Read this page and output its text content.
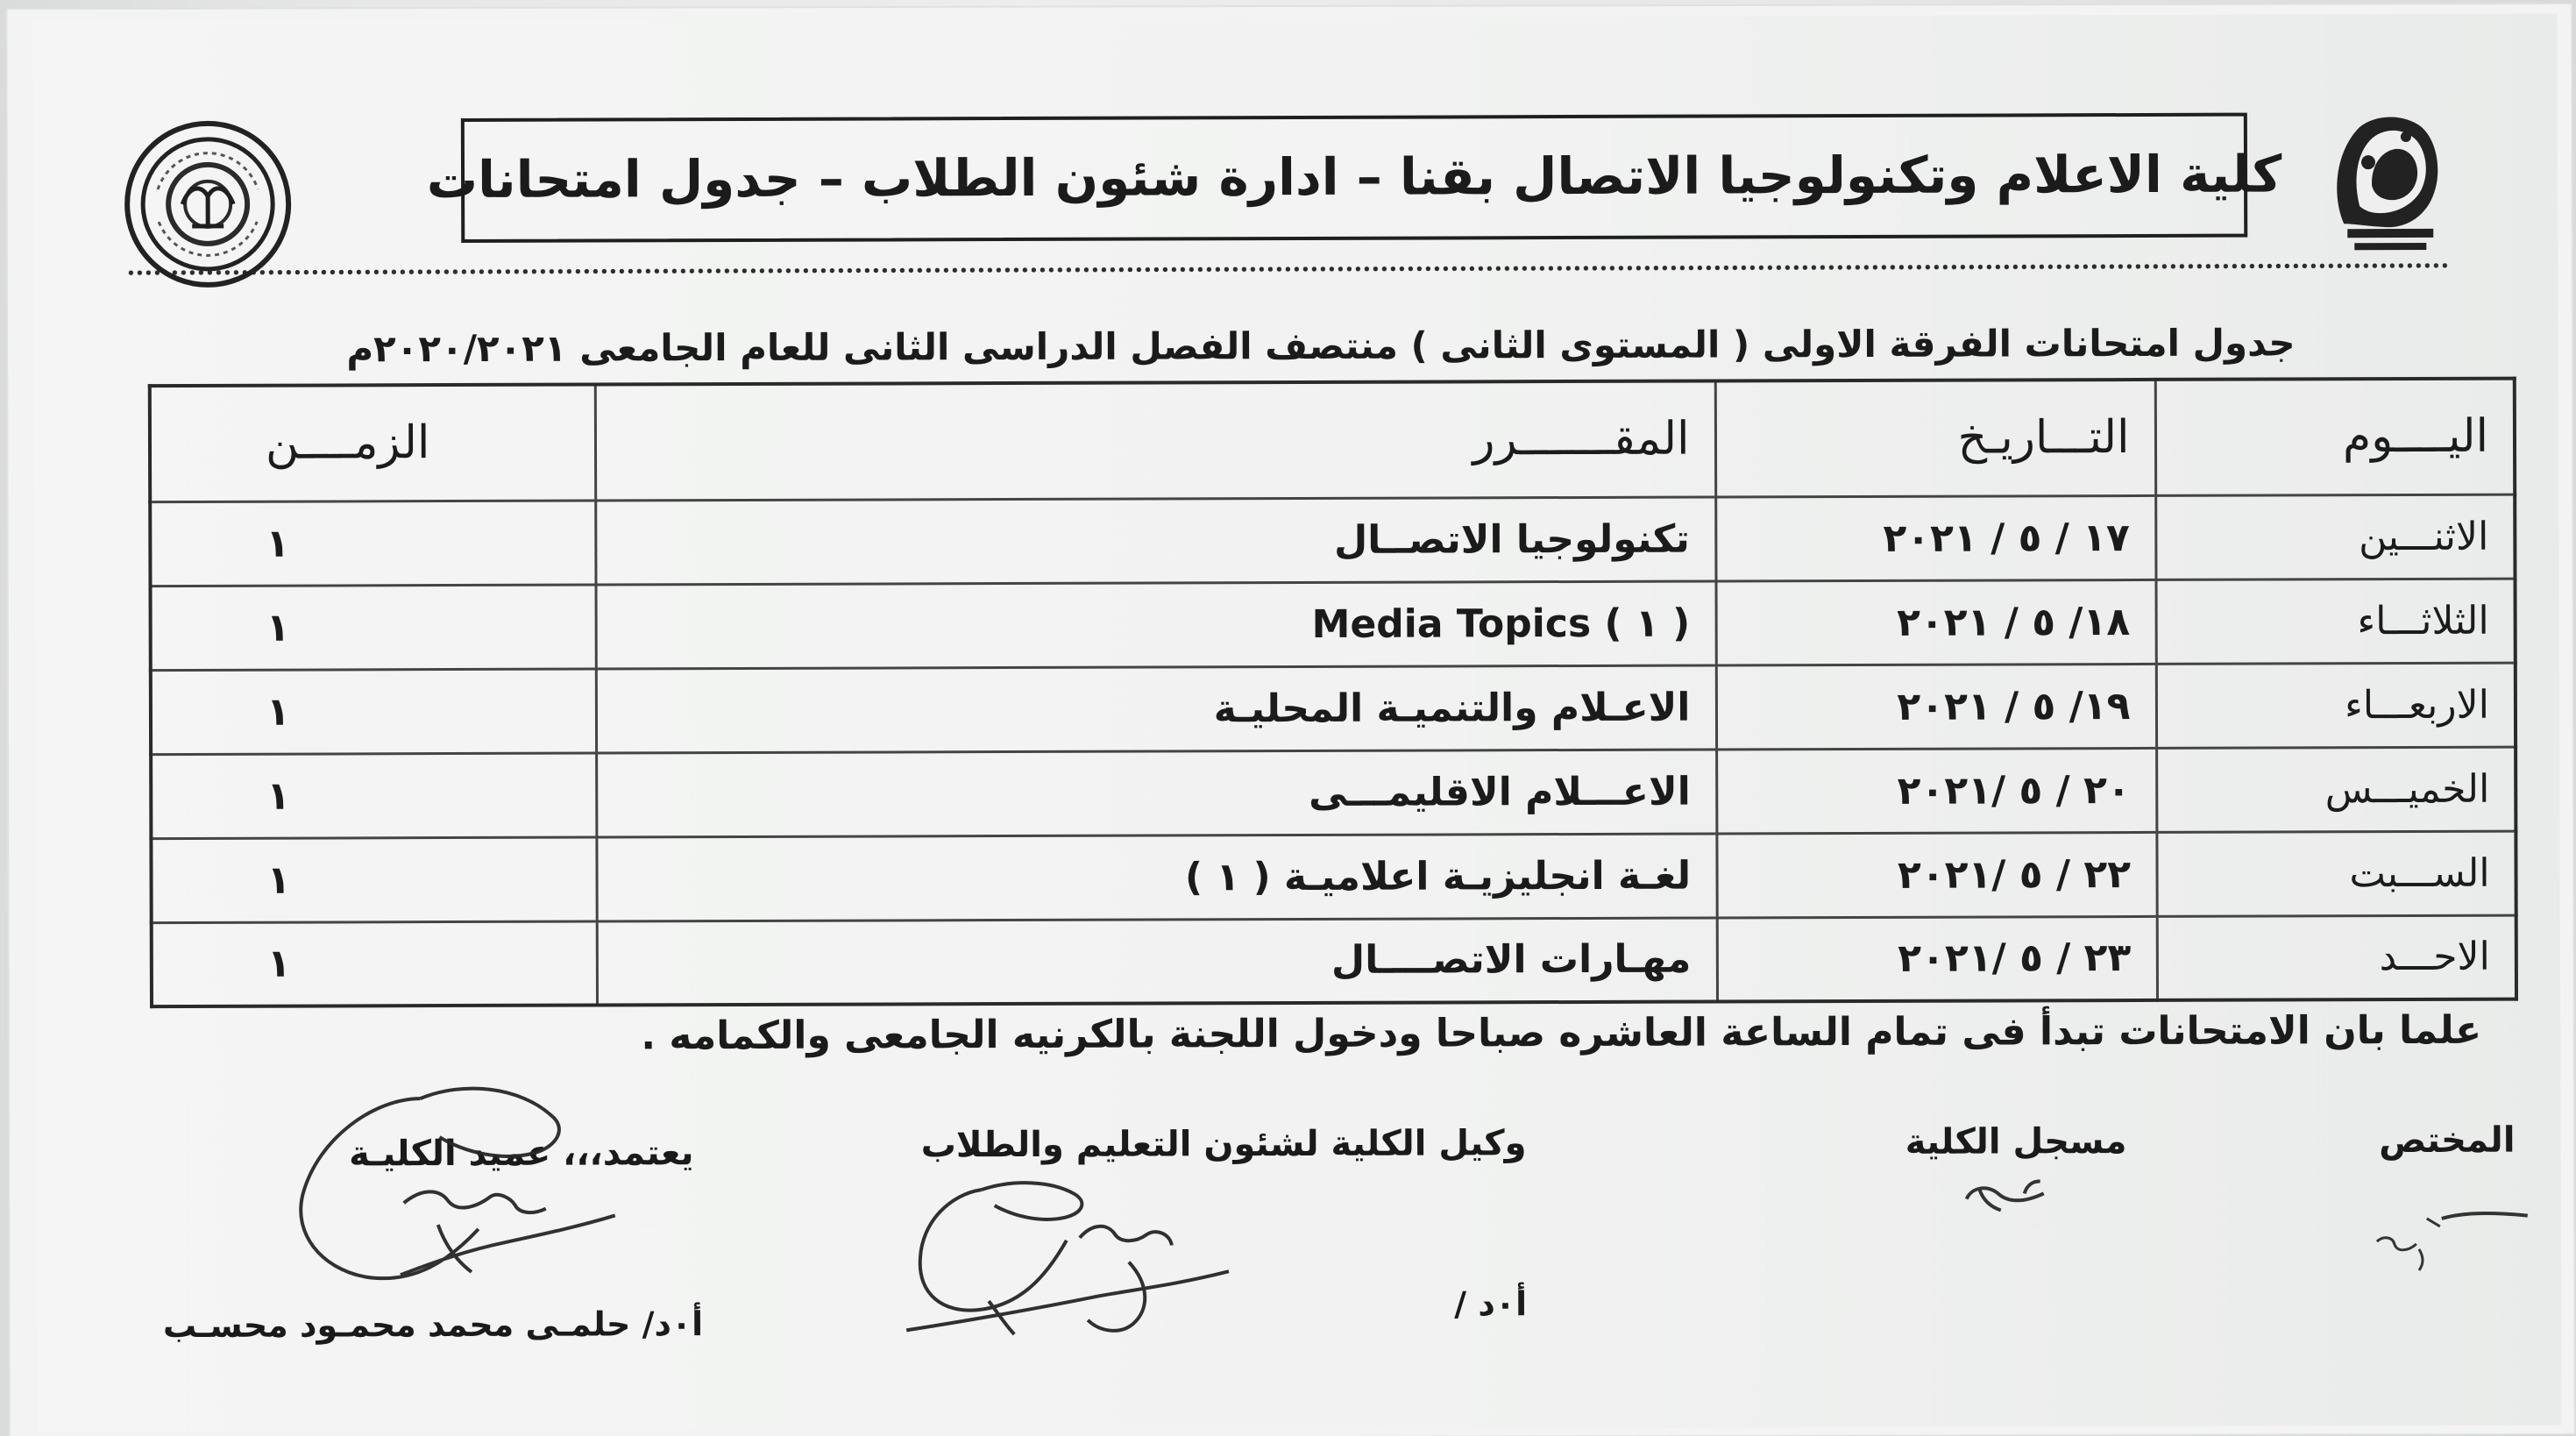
كلية الاعلام وتكنولوجيا الاتصال بقنا – ادارة شئون الطلاب – جدول امتحانات
جدول امتحانات الفرقة الاولى ( المستوى الثانى ) منتصف الفصل الدراسى الثانى للعام الجامعى ٢٠٢٠/٢٠٢١م
اليــــوم	التـــاريـخ	المقـــــــرر	الزمــــن
الاثنـــين	١٧ / ٥ / ٢٠٢١	تكنولوجيا الاتصــال	١
الثلاثـــاء	١٨/ ٥ / ٢٠٢١	Media Topics ( ١ )	١
الاربعـــاء	١٩/ ٥ / ٢٠٢١	الاعـلام والتنميـة المحليـة	١
الخميـــس	٢٠ / ٥ /٢٠٢١	الاعـــلام الاقليمـــى	١
الســـبت	٢٢ / ٥ /٢٠٢١	لغـة انجليزيـة اعلاميـة ( ١ )	١
الاحـــد	٢٣ / ٥ /٢٠٢١	مهـارات الاتصــــال	١
علما بان الامتحانات تبدأ فى تمام الساعة العاشره صباحا ودخول اللجنة بالكرنيه الجامعى والكمامه .
المختص
مسجل الكلية
وكيل الكلية لشئون التعليم والطلاب
أ٠د /
يعتمد،،، عميد الكليـة
أ٠د/ حلمـى محمد محمـود محسـب
